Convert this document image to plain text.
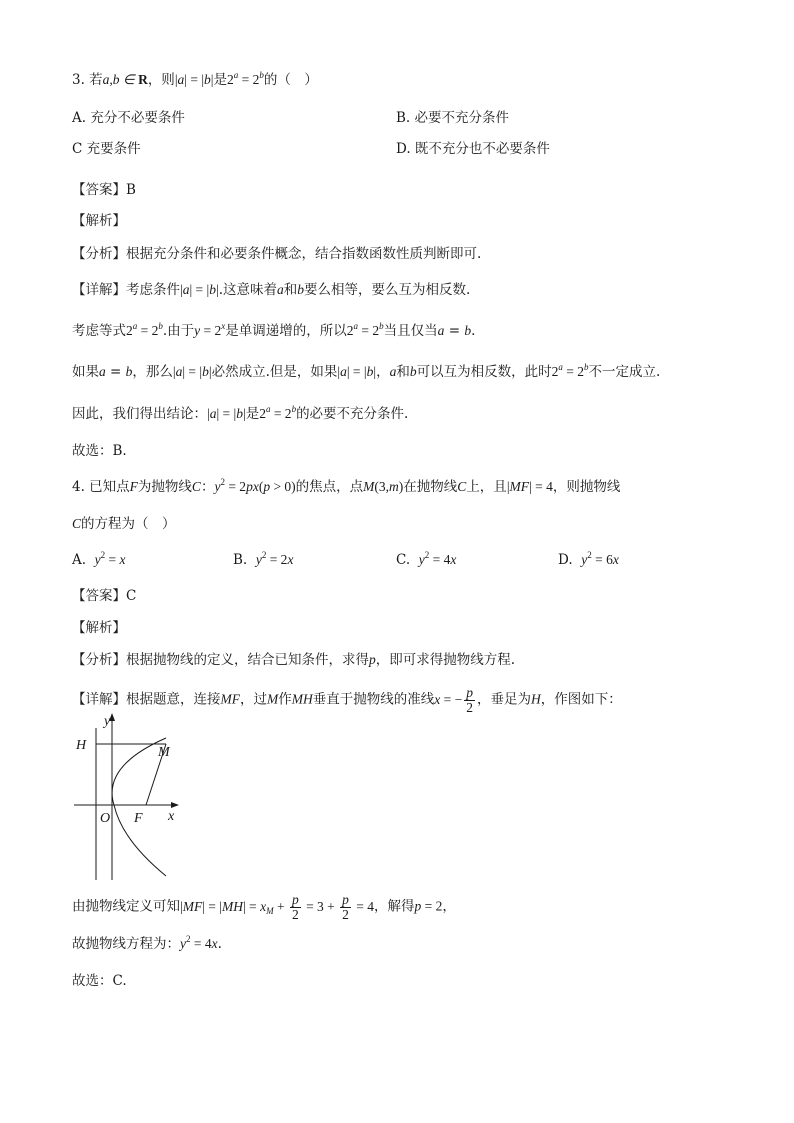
3. 若a,b ∈ R，则|a| = |b|是$2^a = 2^b$的（　）
A. 充分不必要条件	B. 必要不充分条件
C 充要条件	D. 既不充分也不必要条件
【答案】B
【解析】
【分析】根据充分条件和必要条件概念，结合指数函数性质判断即可.
【详解】考虑条件|a| = |b|.这意味着a和b要么相等，要么互为相反数.
考虑等式$2^a = 2^b$.由于$y = 2^x$是单调递增的，所以$2^a = 2^b$当且仅当a = b.
如果a = b，那么|a| = |b|必然成立.但是，如果|a| = |b|，a和b可以互为相反数，此时$2^a = 2^b$不一定成立.
因此，我们得出结论：|a| = |b|是$2^a = 2^b$的必要不充分条件.
故选：B.
4. 已知点F为抛物线C：$y^2 = 2px(p > 0)$的焦点，点M(3,m)在抛物线C上，且|MF| = 4，则抛物线
C的方程为（　）
A. $y^2 = x$	B. $y^2 = 2x$	C. $y^2 = 4x$	D. $y^2 = 6x$
【答案】C
【解析】
【分析】根据抛物线的定义，结合已知条件，求得p，即可求得抛物线方程.
【详解】根据题意，连接MF，过M作MH垂直于抛物线的准线x = − $\frac{p}{2}$ ，垂足为H，作图如下：
y
H	M
O F x
由抛物线定义可知$|MF| = |MH| = x_M + \frac{p}{2} = 3 + \frac{p}{2} = 4$，解得p = 2，
故抛物线方程为：$y^2 = 4x$.
故选：C.
